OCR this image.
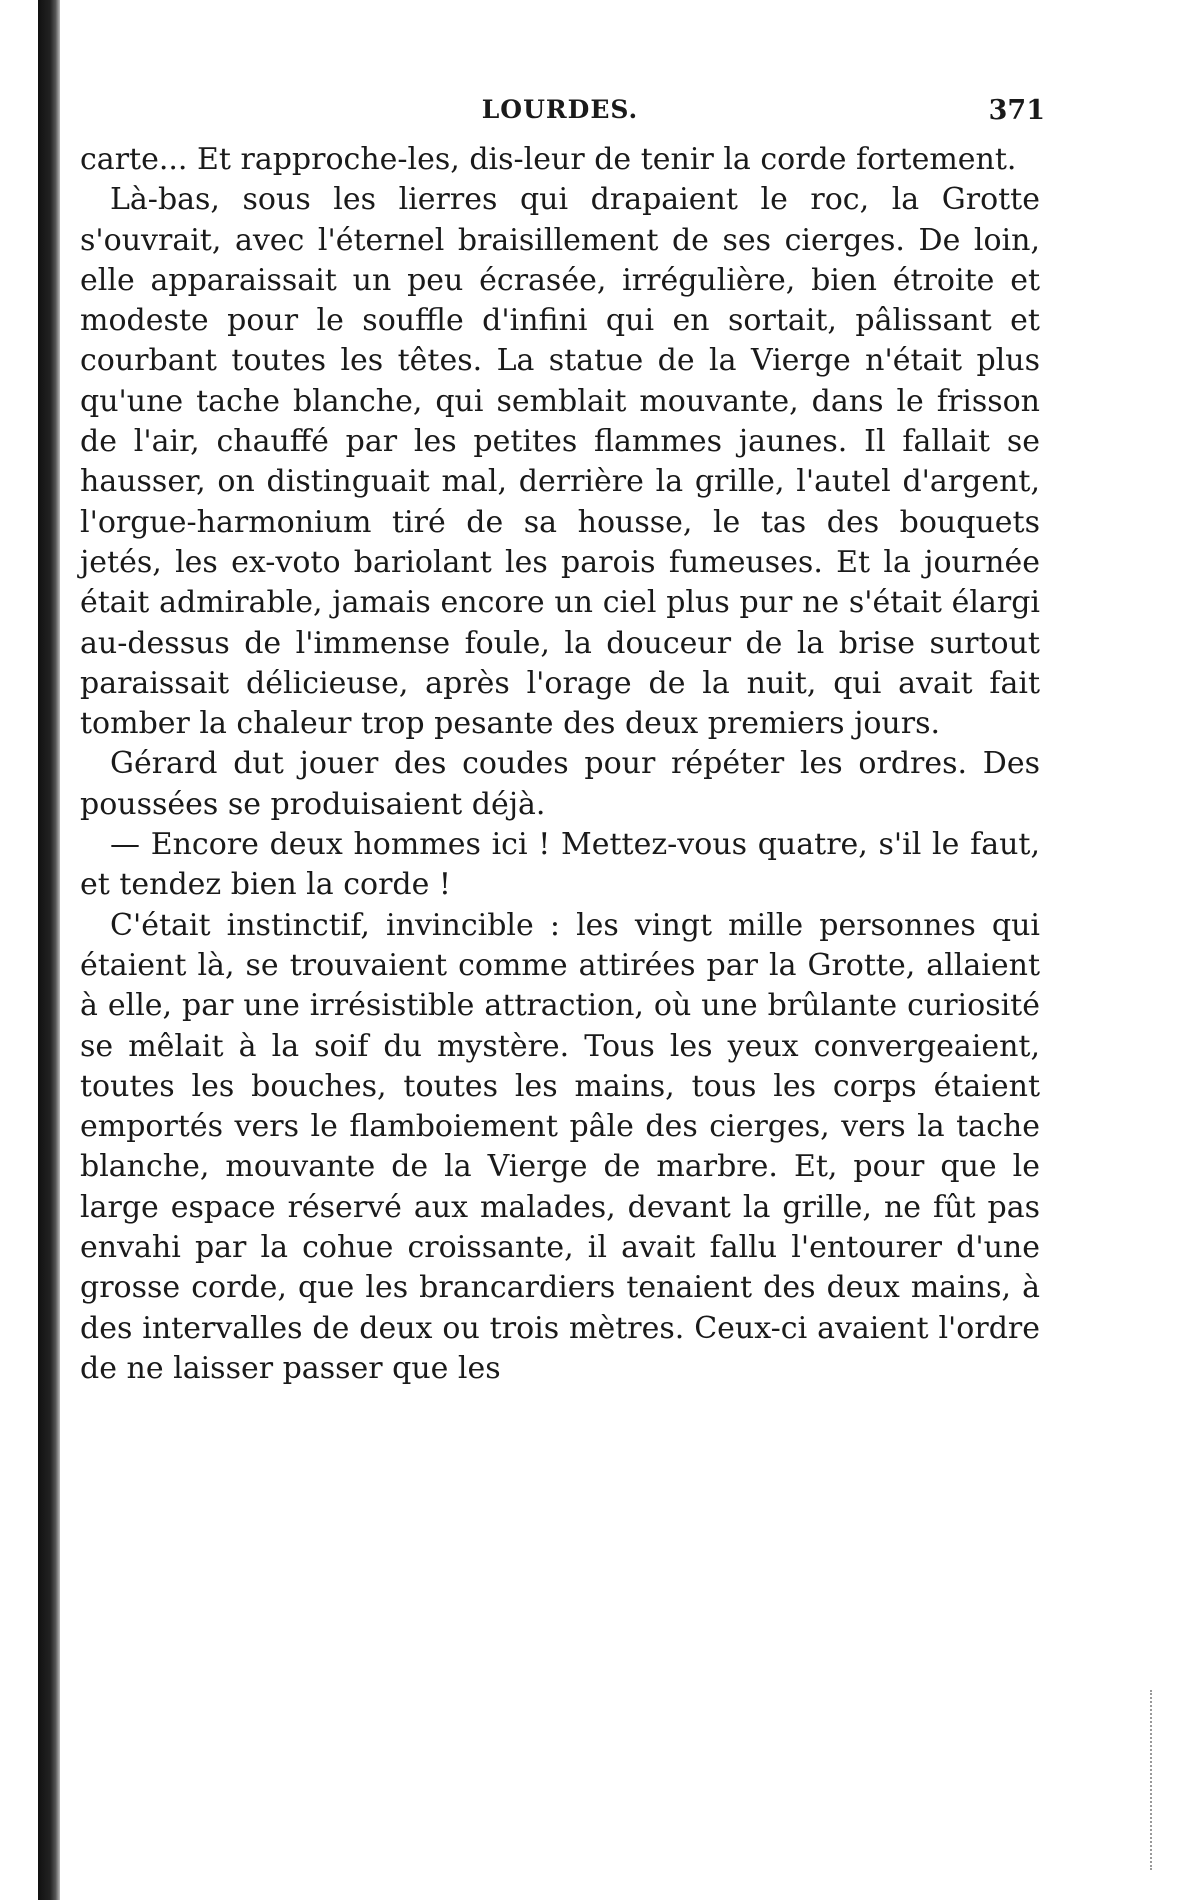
LOURDES.	371

carte... Et rapproche-les, dis-leur de tenir la corde fortement.

Là-bas, sous les lierres qui drapaient le roc, la Grotte s'ouvrait, avec l'éternel braisillement de ses cierges. De loin, elle apparaissait un peu écrasée, irrégulière, bien étroite et modeste pour le souffle d'infini qui en sortait, pâlissant et courbant toutes les têtes. La statue de la Vierge n'était plus qu'une tache blanche, qui semblait mouvante, dans le frisson de l'air, chauffé par les petites flammes jaunes. Il fallait se hausser, on distinguait mal, derrière la grille, l'autel d'argent, l'orgue-harmonium tiré de sa housse, le tas des bouquets jetés, les ex-voto bariolant les parois fumeuses. Et la journée était admirable, jamais encore un ciel plus pur ne s'était élargi au-dessus de l'immense foule, la douceur de la brise surtout paraissait délicieuse, après l'orage de la nuit, qui avait fait tomber la chaleur trop pesante des deux premiers jours.

Gérard dut jouer des coudes pour répéter les ordres. Des poussées se produisaient déjà.

— Encore deux hommes ici ! Mettez-vous quatre, s'il le faut, et tendez bien la corde !

C'était instinctif, invincible : les vingt mille personnes qui étaient là, se trouvaient comme attirées par la Grotte, allaient à elle, par une irrésistible attraction, où une brûlante curiosité se mêlait à la soif du mystère. Tous les yeux convergeaient, toutes les bouches, toutes les mains, tous les corps étaient emportés vers le flamboiement pâle des cierges, vers la tache blanche, mouvante de la Vierge de marbre. Et, pour que le large espace réservé aux malades, devant la grille, ne fût pas envahi par la cohue croissante, il avait fallu l'entourer d'une grosse corde, que les brancardiers tenaient des deux mains, à des intervalles de deux ou trois mètres. Ceux-ci avaient l'ordre de ne laisser passer que les
